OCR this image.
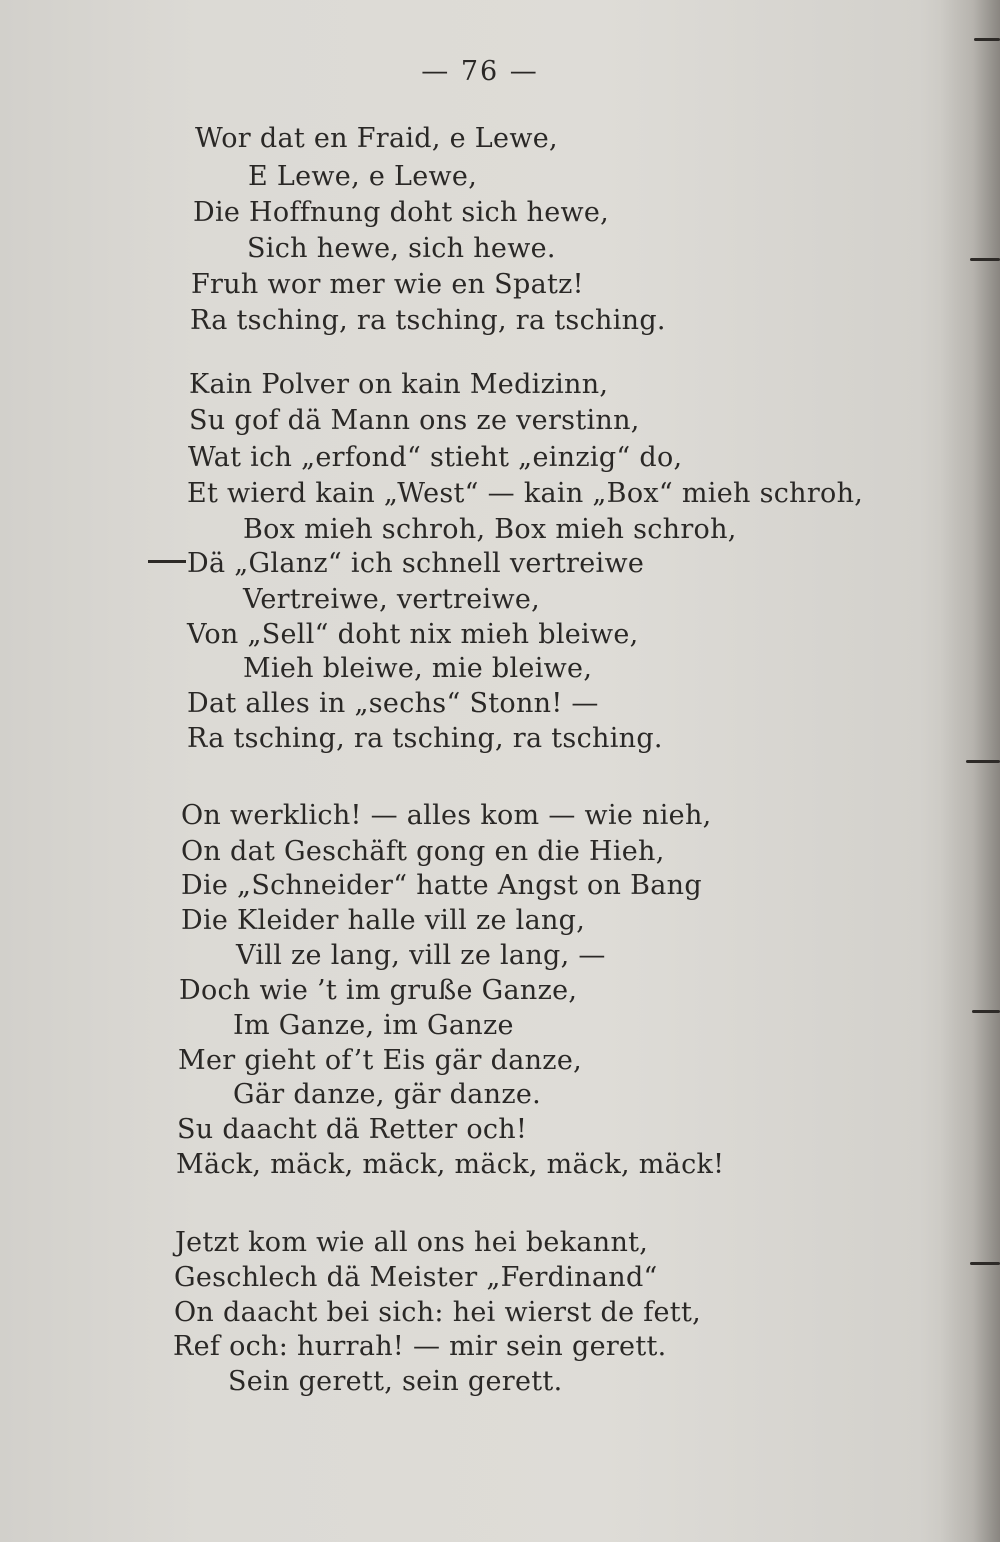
— 76 —
Wor dat en Fraid, e Lewe,
E Lewe, e Lewe,
Die Hoffnung doht sich hewe,
Sich hewe, sich hewe.
Fruh wor mer wie en Spatz!
Ra tsching, ra tsching, ra tsching.
Kain Polver on kain Medizinn,
Su gof dä Mann ons ze verstinn,
Wat ich „erfond“ stieht „einzig“ do,
Et wierd kain „West“ — kain „Box“ mieh schroh,
Box mieh schroh, Box mieh schroh,
Dä „Glanz“ ich schnell vertreiwe
Vertreiwe, vertreiwe,
Von „Sell“ doht nix mieh bleiwe,
Mieh bleiwe, mie bleiwe,
Dat alles in „sechs“ Stonn! —
Ra tsching, ra tsching, ra tsching.
On werklich! — alles kom — wie nieh,
On dat Geschäft gong en die Hieh,
Die „Schneider“ hatte Angst on Bang
Die Kleider halle vill ze lang,
Vill ze lang, vill ze lang, —
Doch wie ’t im gruße Ganze,
Im Ganze, im Ganze
Mer gieht of’t Eis gär danze,
Gär danze, gär danze.
Su daacht dä Retter och!
Mäck, mäck, mäck, mäck, mäck, mäck!
Jetzt kom wie all ons hei bekannt,
Geschlech dä Meister „Ferdinand“
On daacht bei sich: hei wierst de fett,
Ref och: hurrah! — mir sein gerett.
Sein gerett, sein gerett.
